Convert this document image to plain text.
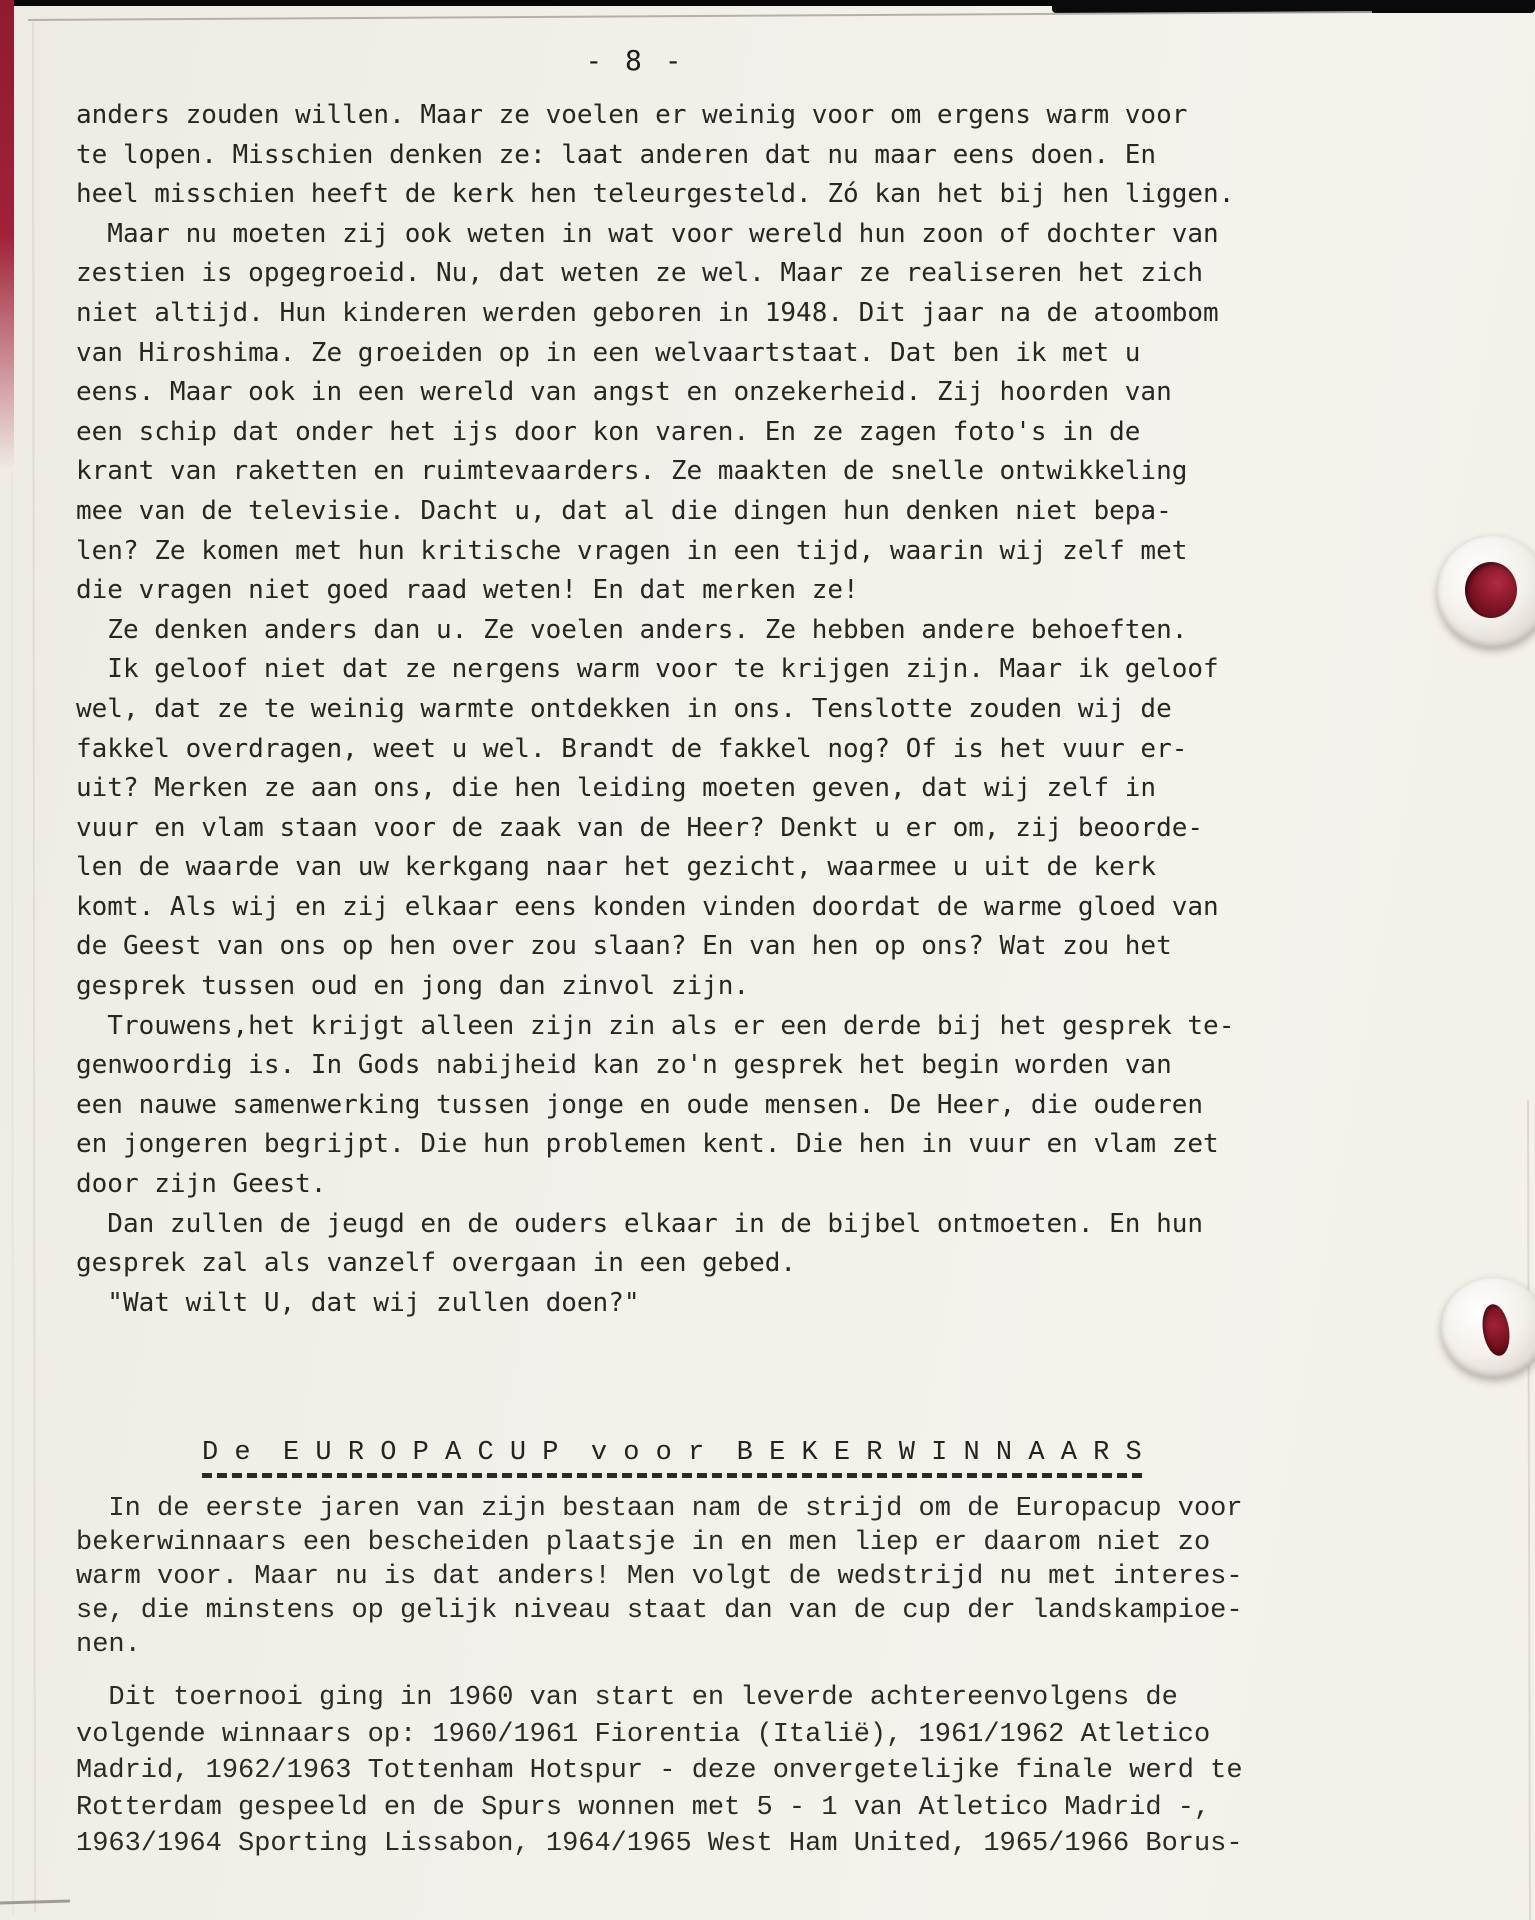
- 8 -
anders zouden willen. Maar ze voelen er weinig voor om ergens warm voor
te lopen. Misschien denken ze: laat anderen dat nu maar eens doen. En
heel misschien heeft de kerk hen teleurgesteld. Zó kan het bij hen liggen.
Maar nu moeten zij ook weten in wat voor wereld hun zoon of dochter van
zestien is opgegroeid. Nu, dat weten ze wel. Maar ze realiseren het zich
niet altijd. Hun kinderen werden geboren in 1948. Dit jaar na de atoombom
van Hiroshima. Ze groeiden op in een welvaartstaat. Dat ben ik met u
eens. Maar ook in een wereld van angst en onzekerheid. Zij hoorden van
een schip dat onder het ijs door kon varen. En ze zagen foto's in de
krant van raketten en ruimtevaarders. Ze maakten de snelle ontwikkeling
mee van de televisie. Dacht u, dat al die dingen hun denken niet bepa-
len? Ze komen met hun kritische vragen in een tijd, waarin wij zelf met
die vragen niet goed raad weten! En dat merken ze!
Ze denken anders dan u. Ze voelen anders. Ze hebben andere behoeften.
Ik geloof niet dat ze nergens warm voor te krijgen zijn. Maar ik geloof
wel, dat ze te weinig warmte ontdekken in ons. Tenslotte zouden wij de
fakkel overdragen, weet u wel. Brandt de fakkel nog? Of is het vuur er-
uit? Merken ze aan ons, die hen leiding moeten geven, dat wij zelf in
vuur en vlam staan voor de zaak van de Heer? Denkt u er om, zij beoorde-
len de waarde van uw kerkgang naar het gezicht, waarmee u uit de kerk
komt. Als wij en zij elkaar eens konden vinden doordat de warme gloed van
de Geest van ons op hen over zou slaan? En van hen op ons? Wat zou het
gesprek tussen oud en jong dan zinvol zijn.
Trouwens,het krijgt alleen zijn zin als er een derde bij het gesprek te-
genwoordig is. In Gods nabijheid kan zo'n gesprek het begin worden van
een nauwe samenwerking tussen jonge en oude mensen. De Heer, die ouderen
en jongeren begrijpt. Die hun problemen kent. Die hen in vuur en vlam zet
door zijn Geest.
Dan zullen de jeugd en de ouders elkaar in de bijbel ontmoeten. En hun
gesprek zal als vanzelf overgaan in een gebed.
"Wat wilt U, dat wij zullen doen?"
D e  E U R O P A C U P  v o o r  B E K E R W I N N A A R S
In de eerste jaren van zijn bestaan nam de strijd om de Europacup voor
bekerwinnaars een bescheiden plaatsje in en men liep er daarom niet zo
warm voor. Maar nu is dat anders! Men volgt de wedstrijd nu met interes-
se, die minstens op gelijk niveau staat dan van de cup der landskampioe-
nen.
Dit toernooi ging in 1960 van start en leverde achtereenvolgens de
volgende winnaars op: 1960/1961 Fiorentia (Italië), 1961/1962 Atletico
Madrid, 1962/1963 Tottenham Hotspur - deze onvergetelijke finale werd te
Rotterdam gespeeld en de Spurs wonnen met 5 - 1 van Atletico Madrid -,
1963/1964 Sporting Lissabon, 1964/1965 West Ham United, 1965/1966 Borus-
